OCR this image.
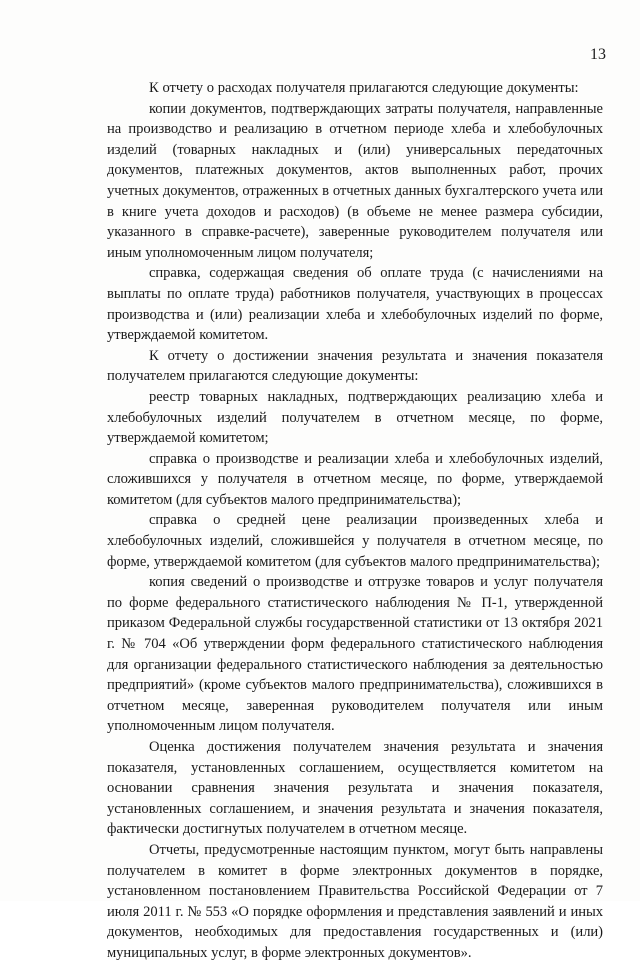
13

К отчету о расходах получателя прилагаются следующие документы:

копии документов, подтверждающих затраты получателя, направленные на производство и реализацию в отчетном периоде хлеба и хлебобулочных изделий (товарных накладных и (или) универсальных передаточных документов, платежных документов, актов выполненных работ, прочих учетных документов, отраженных в отчетных данных бухгалтерского учета или в книге учета доходов и расходов) (в объеме не менее размера субсидии, указанного в справке-расчете), заверенные руководителем получателя или иным уполномоченным лицом получателя;

справка, содержащая сведения об оплате труда (с начислениями на выплаты по оплате труда) работников получателя, участвующих в процессах производства и (или) реализации хлеба и хлебобулочных изделий по форме, утверждаемой комитетом.

К отчету о достижении значения результата и значения показателя получателем прилагаются следующие документы:

реестр товарных накладных, подтверждающих реализацию хлеба и хлебобулочных изделий получателем в отчетном месяце, по форме, утверждаемой комитетом;

справка о производстве и реализации хлеба и хлебобулочных изделий, сложившихся у получателя в отчетном месяце, по форме, утверждаемой комитетом (для субъектов малого предпринимательства);

справка о средней цене реализации произведенных хлеба и хлебобулочных изделий, сложившейся у получателя в отчетном месяце, по форме, утверждаемой комитетом (для субъектов малого предпринимательства);

копия сведений о производстве и отгрузке товаров и услуг получателя по форме федерального статистического наблюдения № П-1, утвержденной приказом Федеральной службы государственной статистики от 13 октября 2021 г. № 704 «Об утверждении форм федерального статистического наблюдения для организации федерального статистического наблюдения за деятельностью предприятий» (кроме субъектов малого предпринимательства), сложившихся в отчетном месяце, заверенная руководителем получателя или иным уполномоченным лицом получателя.

Оценка достижения получателем значения результата и значения показателя, установленных соглашением, осуществляется комитетом на основании сравнения значения результата и значения показателя, установленных соглашением, и значения результата и значения показателя, фактически достигнутых получателем в отчетном месяце.

Отчеты, предусмотренные настоящим пунктом, могут быть направлены получателем в комитет в форме электронных документов в порядке, установленном постановлением Правительства Российской Федерации от 7 июля 2011 г. № 553 «О порядке оформления и представления заявлений и иных документов, необходимых для предоставления государственных и (или) муниципальных услуг, в форме электронных документов».
